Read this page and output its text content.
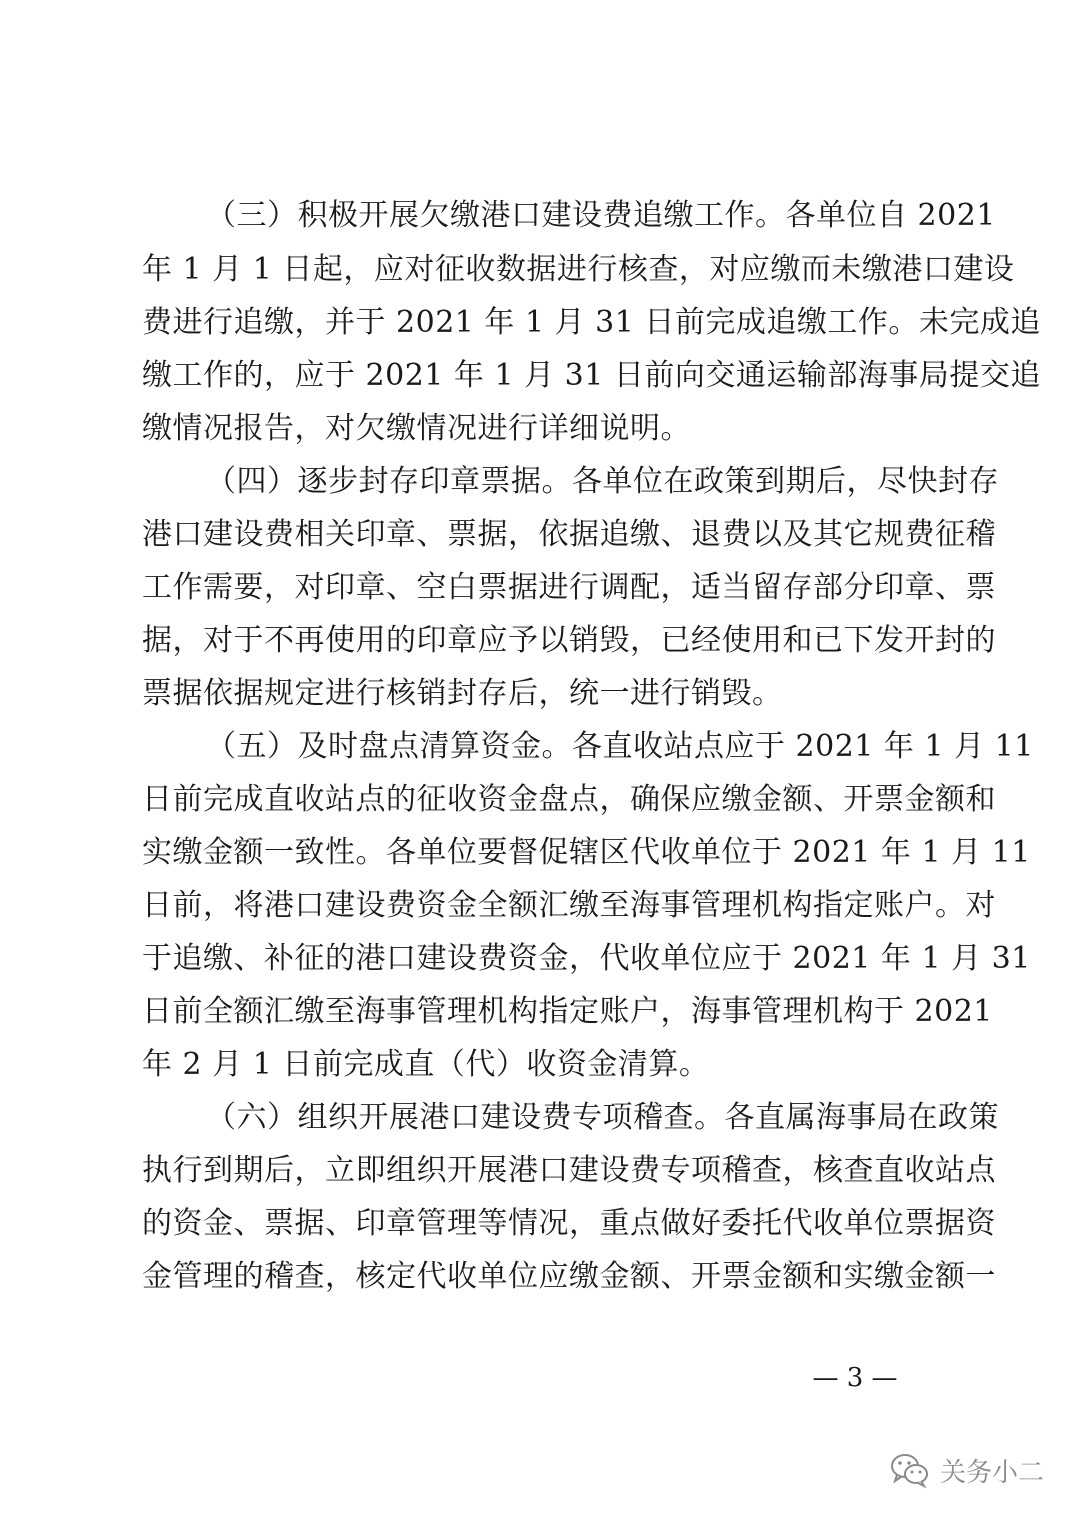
（三）积极开展欠缴港口建设费追缴工作。各单位自 2021
年 1 月 1 日起，应对征收数据进行核查，对应缴而未缴港口建设
费进行追缴，并于 2021 年 1 月 31 日前完成追缴工作。未完成追
缴工作的，应于 2021 年 1 月 31 日前向交通运输部海事局提交追
缴情况报告，对欠缴情况进行详细说明。
（四）逐步封存印章票据。各单位在政策到期后，尽快封存
港口建设费相关印章、票据，依据追缴、退费以及其它规费征稽
工作需要，对印章、空白票据进行调配，适当留存部分印章、票
据，对于不再使用的印章应予以销毁，已经使用和已下发开封的
票据依据规定进行核销封存后，统一进行销毁。
（五）及时盘点清算资金。各直收站点应于 2021 年 1 月 11
日前完成直收站点的征收资金盘点，确保应缴金额、开票金额和
实缴金额一致性。各单位要督促辖区代收单位于 2021 年 1 月 11
日前，将港口建设费资金全额汇缴至海事管理机构指定账户。对
于追缴、补征的港口建设费资金，代收单位应于 2021 年 1 月 31
日前全额汇缴至海事管理机构指定账户，海事管理机构于 2021
年 2 月 1 日前完成直（代）收资金清算。
（六）组织开展港口建设费专项稽查。各直属海事局在政策
执行到期后，立即组织开展港口建设费专项稽查，核查直收站点
的资金、票据、印章管理等情况，重点做好委托代收单位票据资
金管理的稽查，核定代收单位应缴金额、开票金额和实缴金额一
— 3 —
关务小二
